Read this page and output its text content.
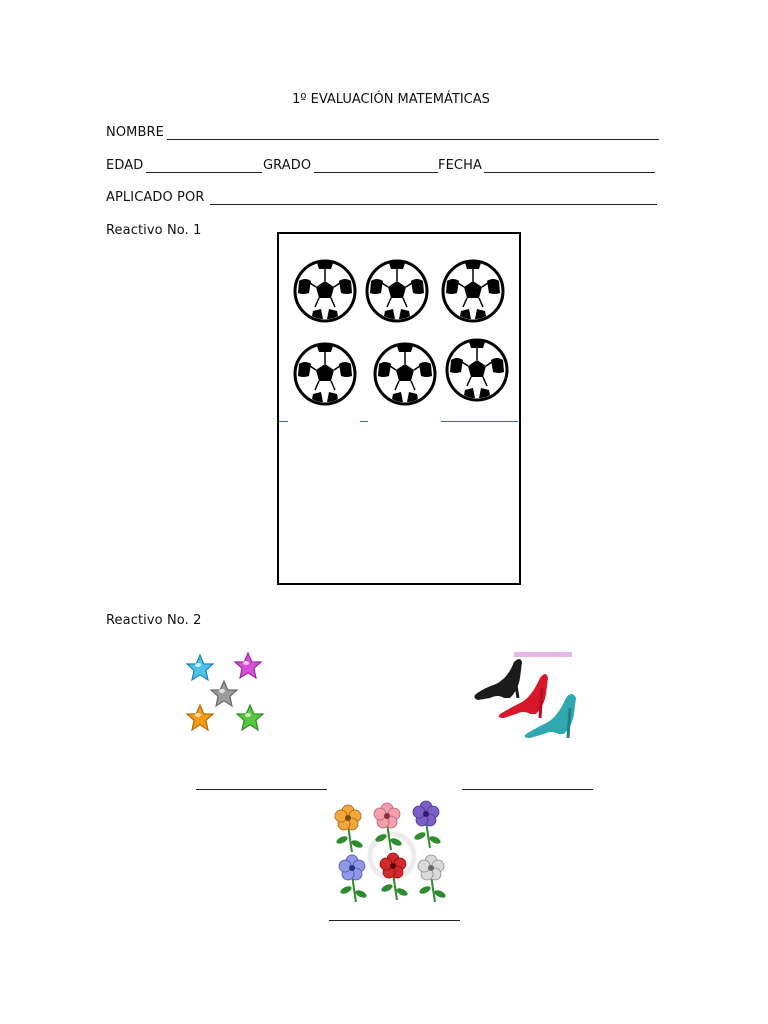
1º EVALUACIÓN MATEMÁTICAS
NOMBRE
EDAD	GRADO	FECHA
APLICADO POR
Reactivo No. 1
Reactivo No. 2
